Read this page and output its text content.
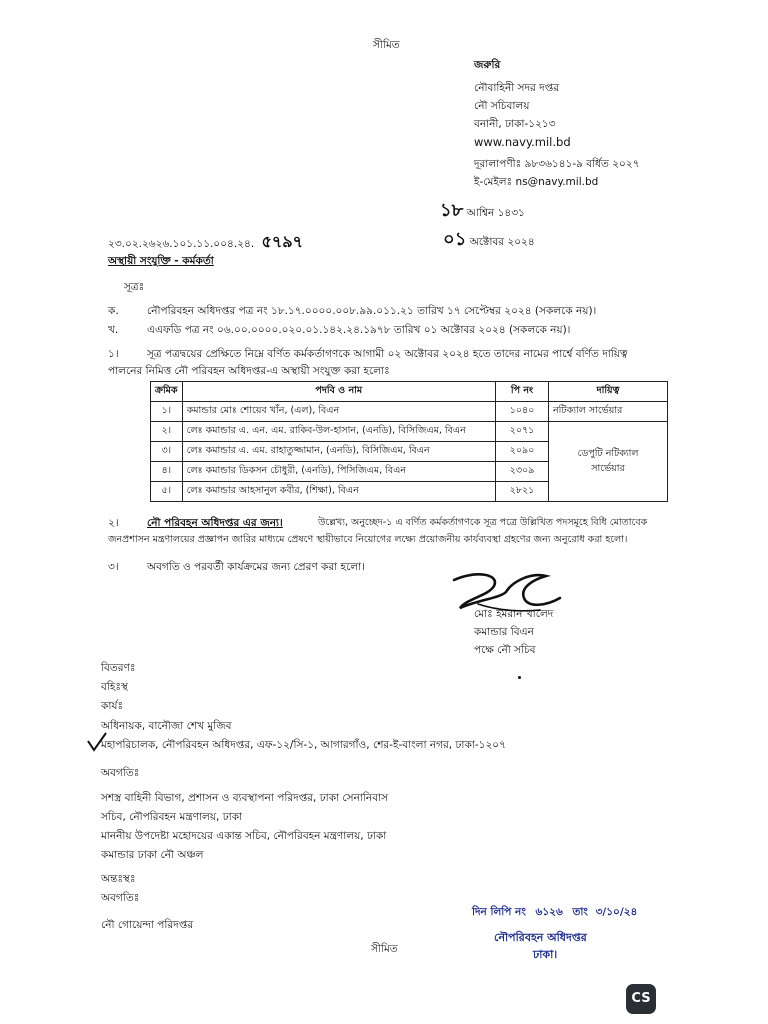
সীমিত
জরুরি
নৌবাহিনী সদর দপ্তর
নৌ সচিবালয়
বনানী, ঢাকা-১২১৩
www.navy.mil.bd
দূরালাপণীঃ ৯৮৩৬১৪১-৯ বর্ধিত ২০২৭
ই-মেইলঃ ns@navy.mil.bd
১৮ আশ্বিন ১৪৩১
২৩.০২.২৬২৬.১০১.১১.০০৪.২৪. ৫৭৯৭	০১ অক্টোবর ২০২৪
অস্থায়ী সংযুক্তি - কর্মকর্তা
সূত্রঃ
ক.	নৌপরিবহন অধিদপ্তর পত্র নং ১৮.১৭.০০০০.০০৮.৯৯.০১১.২১ তারিখ ১৭ সেপ্টেম্বর ২০২৪ (সকলকে নয়)।
খ.	এএফডি পত্র নং ০৬.০০.০০০০.০২০.০১.১৪২.২৪.১৯৭৮ তারিখ ০১ অক্টোবর ২০২৪ (সকলকে নয়)।
১।	সূত্র পত্রদ্বয়ের প্রেক্ষিতে নিম্নে বর্ণিত কর্মকর্তাগণকে আগামী ০২ অক্টোবর ২০২৪ হতে তাদের নামের পার্শ্বে বর্ণিত দায়িত্ব
পালনের নিমিত্ত নৌ পরিবহন অধিদপ্তর-এ অস্থায়ী সংযুক্ত করা হলোঃ
ক্রমিক	পদবি ও নাম	পি নং	দায়িত্ব
১।	কমান্ডার মোঃ শোয়েব খাঁন, (এল), বিএন	১০৪০	নটিক্যাল সার্ভেয়ার
২।	লেঃ কমান্ডার এ. এন. এম. রাকিব-উল-হাসান, (এনডি), বিসিজিএম, বিএন	২০৭১	ডেপুটি নটিক্যাল
সার্ভেয়ার

৩।	লেঃ কমান্ডার এ. এম. রাহাতুজ্জামান, (এনডি), বিসিজিএম, বিএন	২০৯০	
৪।	লেঃ কমান্ডার ডিকসন চৌধুরী, (এনডি), পিসিজিএম, বিএন	২৩০৯	
৫।	লেঃ কমান্ডার আহসানুল কবীর, (শিক্ষা), বিএন	২৮২১	
২।	নৌ পরিবহন অধিদপ্তর এর জন্য।	উল্লেখ্য, অনুচ্ছেদ-১ এ বর্ণিত কর্মকর্তাগণকে সূত্র পত্রে উল্লিখিত পদসমূহে বিধি মোতাবেক
জনপ্রশাসন মন্ত্রণালয়ের প্রজ্ঞাপন জারির মাধ্যমে প্রেষণে স্থায়ীভাবে নিয়োগের লক্ষ্যে প্রয়োজনীয় কার্যব্যবস্থা গ্রহণের জন্য অনুরোধ করা হলো।
৩।	অবগতি ও পরবর্তী কার্যক্রমের জন্য প্রেরণ করা হলো।
মোঃ ইমরান খালেদ
কমান্ডার বিএন
পক্ষে নৌ সচিব
বিতরণঃ
বহিঃস্থ
কার্যঃ
অধিনায়ক, বানৌজা শেখ মুজিব
মহাপরিচালক, নৌপরিবহন অধিদপ্তর, এফ-১২/সি-১, আগারগাঁও, শের-ই-বাংলা নগর, ঢাকা-১২০৭
অবগতিঃ
সশস্ত্র বাহিনী বিভাগ, প্রশাসন ও ব্যবস্থাপনা পরিদপ্তর, ঢাকা সেনানিবাস
সচিব, নৌপরিবহন মন্ত্রণালয়, ঢাকা
মাননীয় উপদেষ্টা মহোদয়ের একান্ত সচিব, নৌপরিবহন মন্ত্রণালয়, ঢাকা
কমান্ডার ঢাকা নৌ অঞ্চল
অন্তঃস্থঃ
অবগতিঃ
নৌ গোয়েন্দা পরিদপ্তর
দিন লিপি নং ৬১২৬ তাং ৩/১০/২৪
নৌপরিবহন অধিদপ্তর
ঢাকা।
সীমিত
CS
